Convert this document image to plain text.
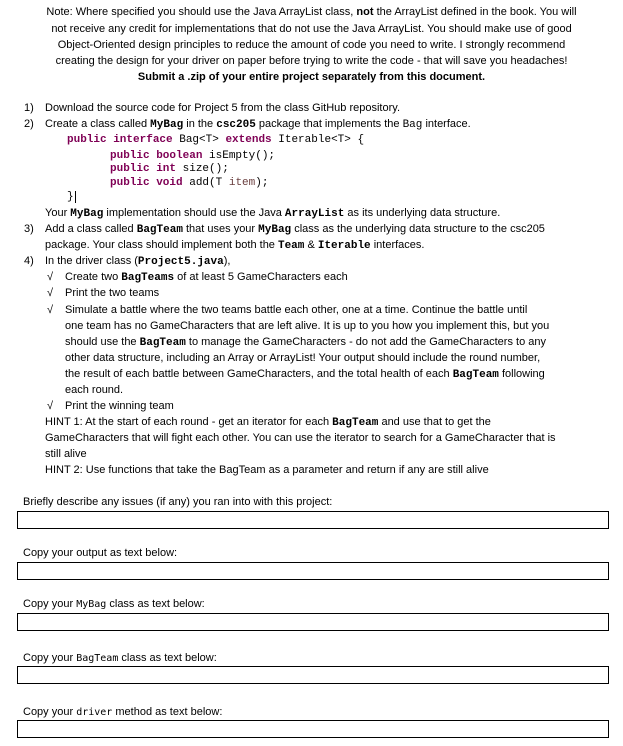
Note: Where specified you should use the Java ArrayList class, not the ArrayList defined in the book. You will
not receive any credit for implementations that do not use the Java ArrayList. You should make use of good
Object-Oriented design principles to reduce the amount of code you need to write. I strongly recommend
creating the design for your driver on paper before trying to write the code - that will save you headaches!
Submit a .zip of your entire project separately from this document.
1) Download the source code for Project 5 from the class GitHub repository.
2) Create a class called MyBag in the csc205 package that implements the Bag interface.
public interface Bag<T> extends Iterable<T> {
public boolean isEmpty();
public int size();
public void add(T item);
}
Your MyBag implementation should use the Java ArrayList as its underlying data structure.
3) Add a class called BagTeam that uses your MyBag class as the underlying data structure to the csc205
package. Your class should implement both the Team & Iterable interfaces.
4) In the driver class (Project5.java),
√ Create two BagTeams of at least 5 GameCharacters each
√ Print the two teams
√ Simulate a battle where the two teams battle each other, one at a time. Continue the battle until
one team has no GameCharacters that are left alive. It is up to you how you implement this, but you
should use the BagTeam to manage the GameCharacters - do not add the GameCharacters to any
other data structure, including an Array or ArrayList! Your output should include the round number,
the result of each battle between GameCharacters, and the total health of each BagTeam following
each round.
√ Print the winning team
HINT 1: At the start of each round - get an iterator for each BagTeam and use that to get the
GameCharacters that will fight each other. You can use the iterator to search for a GameCharacter that is
still alive
HINT 2: Use functions that take the BagTeam as a parameter and return if any are still alive
Briefly describe any issues (if any) you ran into with this project:
Copy your output as text below:
Copy your MyBag class as text below:
Copy your BagTeam class as text below:
Copy your driver method as text below:
